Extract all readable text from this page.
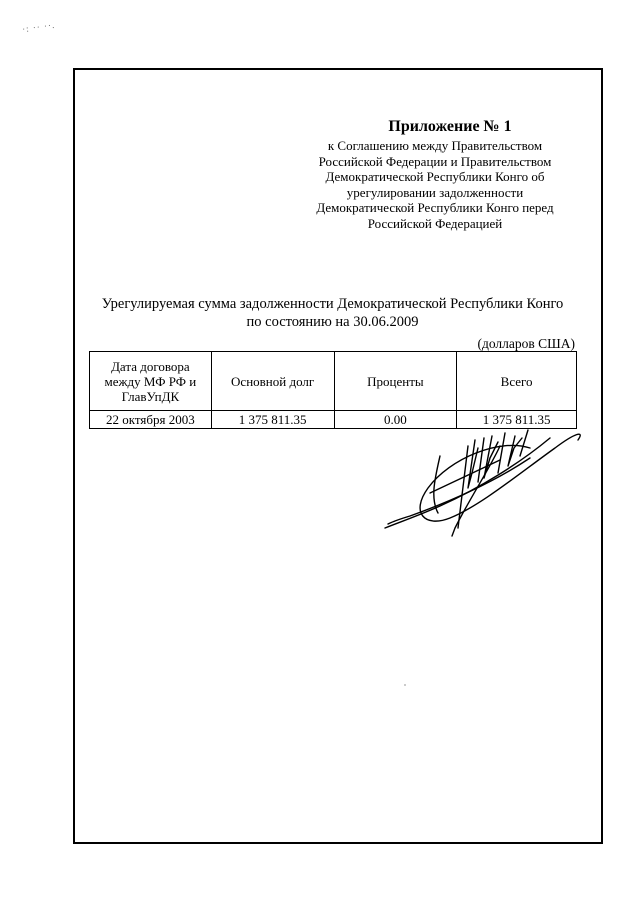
·: ·· ··.
Приложение № 1
к Соглашению между Правительством
Российской Федерации и Правительством
Демократической Республики Конго об
урегулировании задолженности
Демократической Республики Конго перед
Российской Федерацией
Урегулируемая сумма задолженности Демократической Республики Конго
по состоянию на 30.06.2009
(долларов США)
Дата договора между МФ РФ и ГлавУпДК	Основной долг	Проценты	Всего
22 октября 2003	1 375 811.35	0.00	1 375 811.35
